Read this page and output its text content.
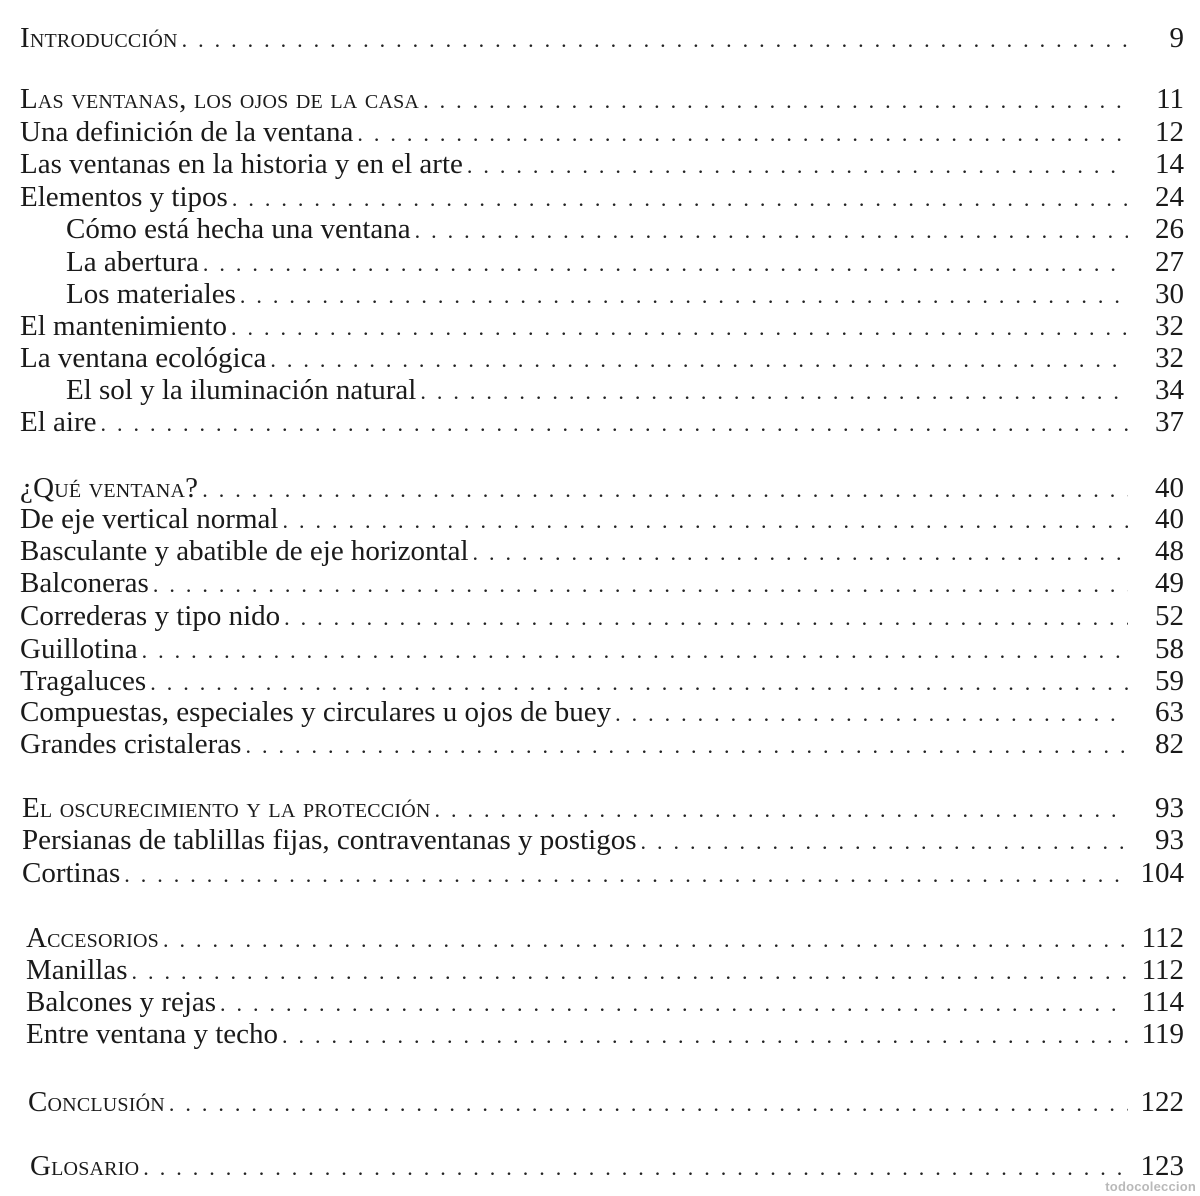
Introducción .....	9
Las ventanas, los ojos de la casa .....	11
Una definición de la ventana .....	12
Las ventanas en la historia y en el arte .....	14
Elementos y tipos .....	24
Cómo está hecha una ventana .....	26
La abertura .....	27
Los materiales .....	30
El mantenimiento .....	32
La ventana ecológica .....	32
El sol y la iluminación natural .....	34
El aire .....	37
¿Qué ventana? .....	40
De eje vertical normal .....	40
Basculante y abatible de eje horizontal .....	48
Balconeras .....	49
Correderas y tipo nido .....	52
Guillotina .....	58
Tragaluces .....	59
Compuestas, especiales y circulares u ojos de buey .....	63
Grandes cristaleras .....	82
El oscurecimiento y la protección .....	93
Persianas de tablillas fijas, contraventanas y postigos .....	93
Cortinas .....	104
Accesorios .....	112
Manillas .....	112
Balcones y rejas .....	114
Entre ventana y techo .....	119
Conclusión .....	122
Glosario .....	123
todocoleccion
